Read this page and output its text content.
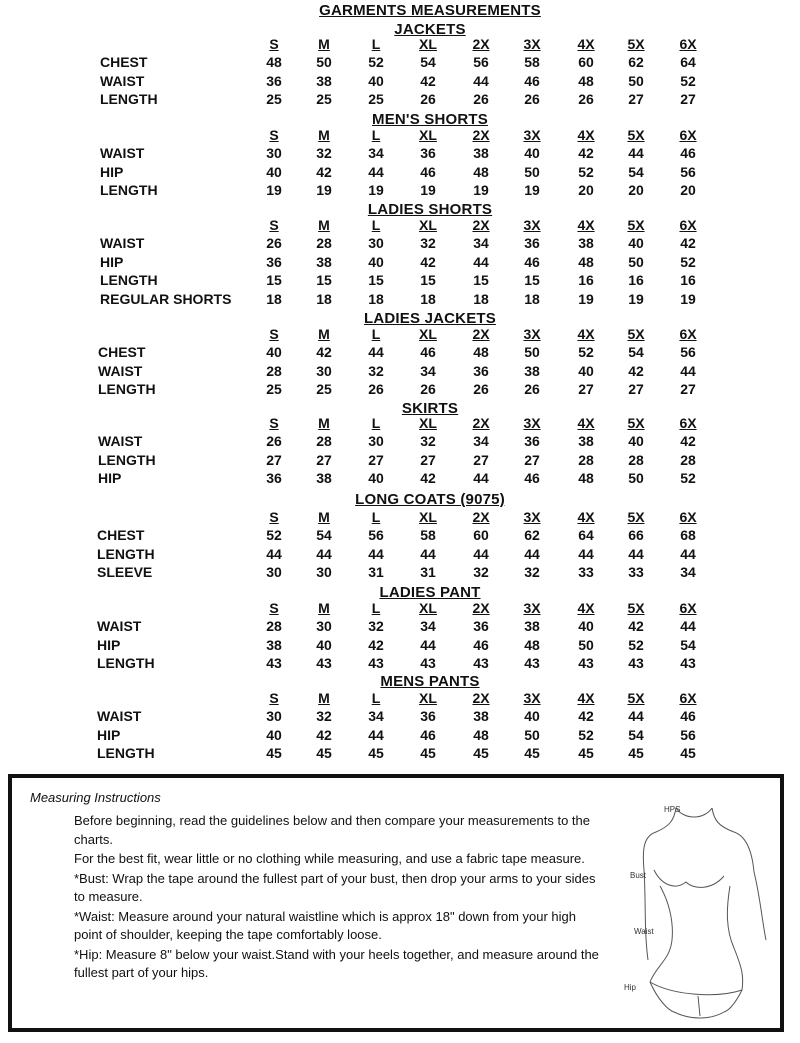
GARMENTS MEASUREMENTS
JACKETS
S	M	L	XL	2X	3X	4X	5X	6X
CHEST	48	50	52	54	56	58	60	62	64
WAIST	36	38	40	42	44	46	48	50	52
LENGTH	25	25	25	26	26	26	26	27	27
MEN'S SHORTS
S	M	L	XL	2X	3X	4X	5X	6X
WAIST	30	32	34	36	38	40	42	44	46
HIP	40	42	44	46	48	50	52	54	56
LENGTH	19	19	19	19	19	19	20	20	20
LADIES SHORTS
S	M	L	XL	2X	3X	4X	5X	6X
WAIST	26	28	30	32	34	36	38	40	42
HIP	36	38	40	42	44	46	48	50	52
LENGTH	15	15	15	15	15	15	16	16	16
REGULAR SHORTS	18	18	18	18	18	18	19	19	19
LADIES JACKETS
S	M	L	XL	2X	3X	4X	5X	6X
CHEST	40	42	44	46	48	50	52	54	56
WAIST	28	30	32	34	36	38	40	42	44
LENGTH	25	25	26	26	26	26	27	27	27
SKIRTS
S	M	L	XL	2X	3X	4X	5X	6X
WAIST	26	28	30	32	34	36	38	40	42
LENGTH	27	27	27	27	27	27	28	28	28
HIP	36	38	40	42	44	46	48	50	52
LONG COATS (9075)
S	M	L	XL	2X	3X	4X	5X	6X
CHEST	52	54	56	58	60	62	64	66	68
LENGTH	44	44	44	44	44	44	44	44	44
SLEEVE	30	30	31	31	32	32	33	33	34
LADIES PANT
S	M	L	XL	2X	3X	4X	5X	6X
WAIST	28	30	32	34	36	38	40	42	44
HIP	38	40	42	44	46	48	50	52	54
LENGTH	43	43	43	43	43	43	43	43	43
MENS PANTS
S	M	L	XL	2X	3X	4X	5X	6X
WAIST	30	32	34	36	38	40	42	44	46
HIP	40	42	44	46	48	50	52	54	56
LENGTH	45	45	45	45	45	45	45	45	45
Measuring Instructions

Before beginning, read the guidelines below and then compare your measurements to the charts.

For the best fit, wear little or no clothing while measuring, and use a fabric tape measure.

*Bust: Wrap the tape around the fullest part of your bust, then drop your arms to your sides to measure.

*Waist: Measure around your natural waistline which is approx 18" down from your high point of shoulder, keeping the tape comfortably loose.

*Hip: Measure 8" below your waist.Stand with your heels together, and measure around the fullest part of your hips.

HPS
Bust
Waist
Hip
